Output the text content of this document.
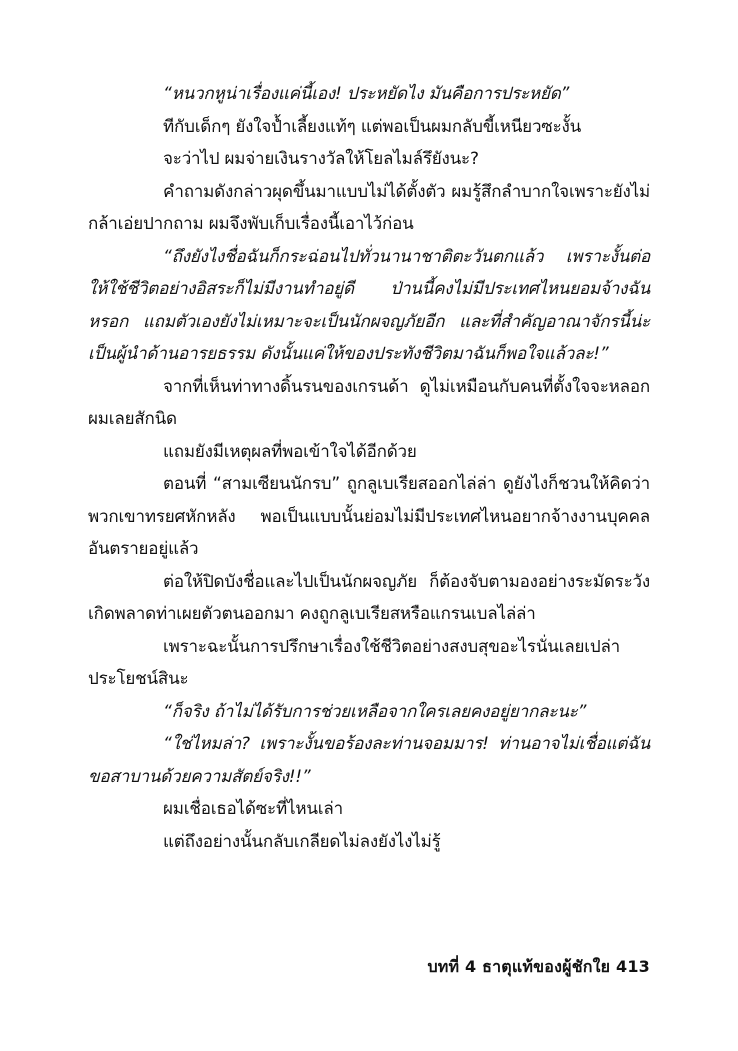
“หนวกหูน่าเรื่องแค่นี้เอง! ประหยัดไง มันคือการประหยัด”

ทีกับเด็กๆ ยังใจป้ำเลี้ยงแท้ๆ แต่พอเป็นผมกลับขี้เหนียวซะงั้น

จะว่าไป ผมจ่ายเงินรางวัลให้โยลไมล์รึยังนะ?

คำถามดังกล่าวผุดขึ้นมาแบบไม่ได้ตั้งตัว ผมรู้สึกลำบากใจเพราะยังไม่กล้าเอ่ยปากถาม ผมจึงพับเก็บเรื่องนี้เอาไว้ก่อน

“ถึงยังไงชื่อฉันก็กระฉ่อนไปทั่วนานาชาติตะวันตกแล้ว เพราะงั้นต่อให้ใช้ชีวิตอย่างอิสระก็ไม่มีงานทำอยู่ดี ป่านนี้คงไม่มีประเทศไหนยอมจ้างฉันหรอก แถมตัวเองยังไม่เหมาะจะเป็นนักผจญภัยอีก และที่สำคัญอาณาจักรนี้น่ะเป็นผู้นำด้านอารยธรรม ดังนั้นแค่ให้ของประทังชีวิตมาฉันก็พอใจแล้วละ!”

จากที่เห็นท่าทางดิ้นรนของเกรนด้า ดูไม่เหมือนกับคนที่ตั้งใจจะหลอกผมเลยสักนิด

แถมยังมีเหตุผลที่พอเข้าใจได้อีกด้วย

ตอนที่ “สามเซียนนักรบ” ถูกลูเบเรียสออกไล่ล่า ดูยังไงก็ชวนให้คิดว่าพวกเขาทรยศหักหลัง พอเป็นแบบนั้นย่อมไม่มีประเทศไหนอยากจ้างงานบุคคลอันตรายอยู่แล้ว

ต่อให้ปิดบังชื่อและไปเป็นนักผจญภัย ก็ต้องจับตามองอย่างระมัดระวังเกิดพลาดท่าเผยตัวตนออกมา คงถูกลูเบเรียสหรือแกรนเบลไล่ล่า

เพราะฉะนั้นการปรึกษาเรื่องใช้ชีวิตอย่างสงบสุขอะไรนั่นเลยเปล่าประโยชน์สินะ

“ก็จริง ถ้าไม่ได้รับการช่วยเหลือจากใครเลยคงอยู่ยากละนะ”

“ใช่ไหมล่า? เพราะงั้นขอร้องละท่านจอมมาร! ท่านอาจไม่เชื่อแต่ฉันขอสาบานด้วยความสัตย์จริง!!”

ผมเชื่อเธอได้ซะที่ไหนเล่า

แต่ถึงอย่างนั้นกลับเกลียดไม่ลงยังไงไม่รู้

บทที่ 4 ธาตุแท้ของผู้ชักใย 413
